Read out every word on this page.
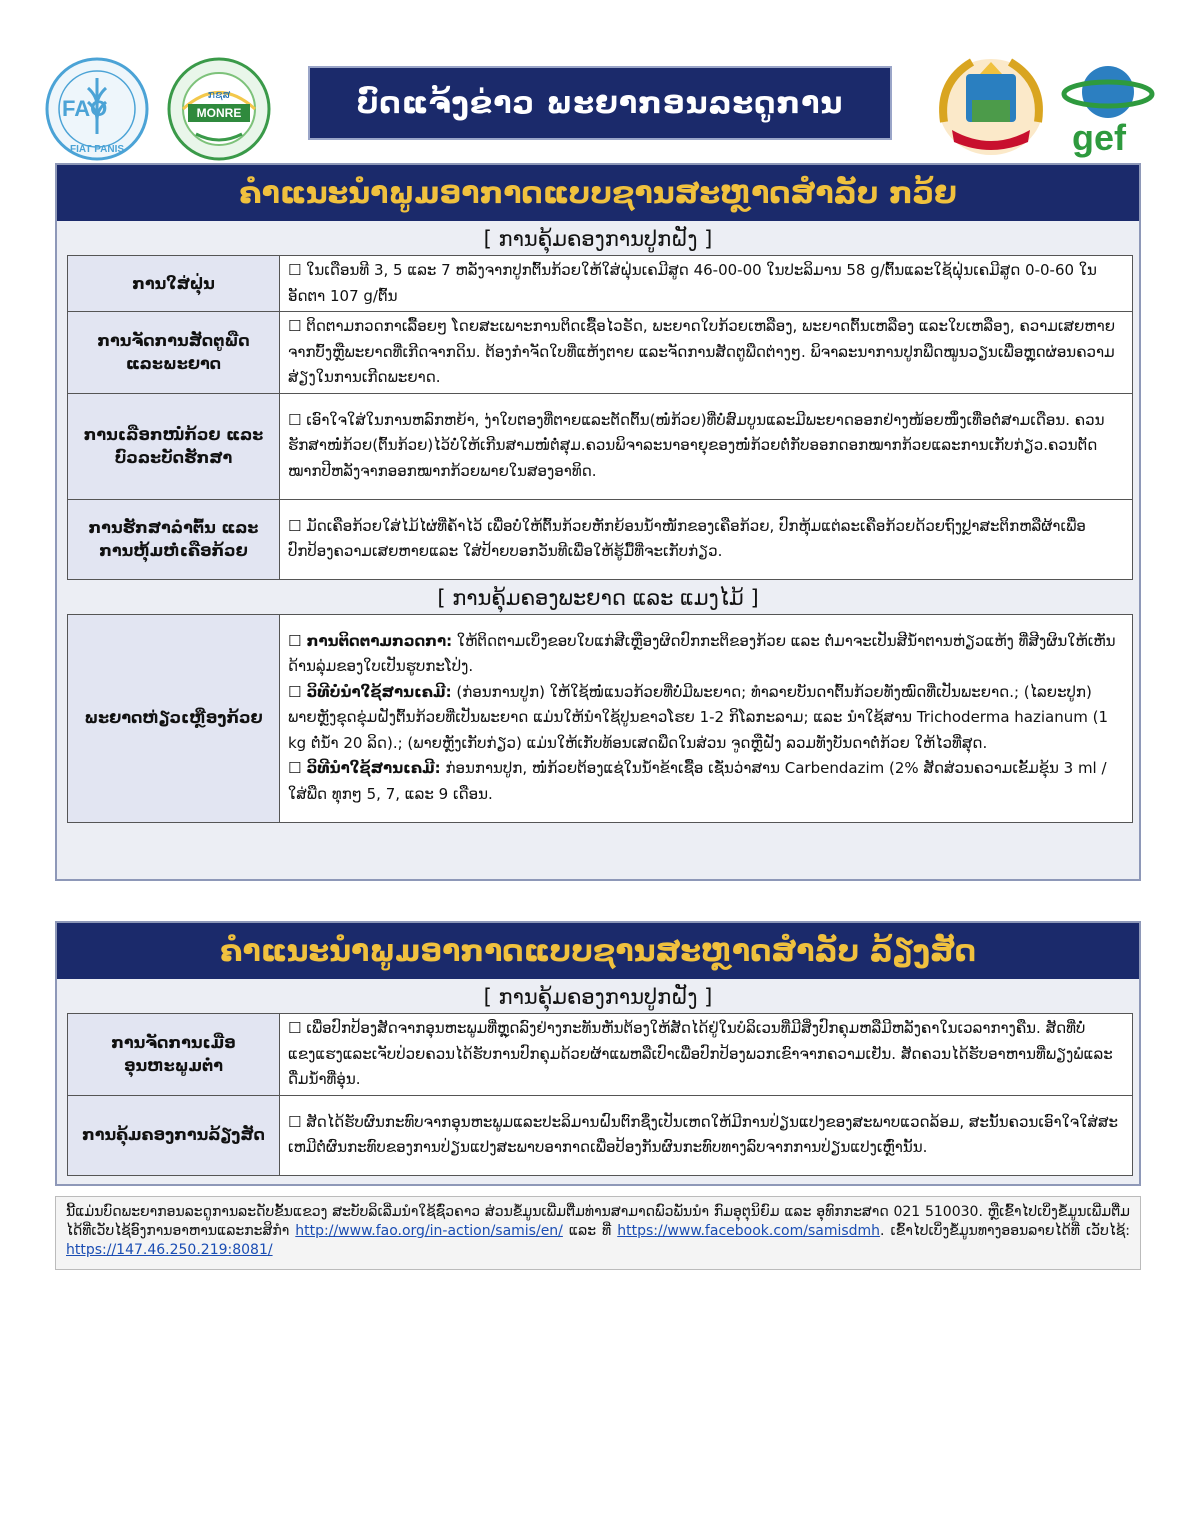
FAO
FIAT PANIS
ກຊສ
MONRE	ບົດແຈ້ງຂ່າວ ພະຍາກອນລະດູການ
gef
ຄຳແນະນຳພູມອາກາດແບບຊານສະຫຼາດສຳລັບ ກວ້ຍ
[ ການຄຸ້ມຄອງການປູກຝັງ ]
ການໃສ່ຝຸ່ນ	☐ ໃນເດືອນທີ 3, 5 ແລະ 7 ຫລັງຈາກປູກຕົ້ນກ້ວຍໃຫ້ໃສ່ຝຸ່ນເຄມີສູດ 46-00-00 ໃນປະລິມານ 58 g/ຕົ້ນແລະໃຊ້ຝຸ່ນເຄມີສູດ 0-0-60 ໃນອັດຕາ 107 g/ຕົ້ນ
ການຈັດການສັດຕູພືດ ແລະພະຍາດ	☐ ຕິດຕາມກວດກາເລື້ອຍໆ ໂດຍສະເພາະການຕິດເຊື້ອໄວຣັດ, ພະຍາດໃບກ້ວຍເຫລືອງ, ພະຍາດຕົ້ນເຫລືອງ ແລະໃບເຫລືອງ, ຄວາມເສຍຫາຍຈາກບົ້ງຫຼືພະຍາດທີ່ເກີດຈາກດິນ. ຕ້ອງກຳຈັດໃບທີ່ແຫ້ງຕາຍ ແລະຈັດການສັດຕູພືດຕ່າງໆ. ພິຈາລະນາການປູກພືດໝູນວຽນເພື່ອຫຼຸດຜ່ອນຄວາມສ່ຽງໃນການເກີດພະຍາດ.
ການເລືອກໜໍ່ກ້ວຍ ແລະບົວລະບັດຮັກສາ	☐ ເອົາໃຈໃສ່ໃນການຫລົກຫຍ້າ, ງ່າໃບຕອງທີ່ຕາຍແລະຕັດຕົ້ນ(ໜໍ່ກ້ວຍ)ທີ່ບໍ່ສົມບູນແລະມີພະຍາດອອກຢ່າງໜ້ອຍໜຶ່ງເທື່ອຕໍ່ສາມເດືອນ. ຄວນຮັກສາໜໍ່ກ້ວຍ(ຕົ້ນກ້ວຍ)ໄວ້ບໍ່ໃຫ້ເກີນສາມໜໍ່ຕໍ່ສຸມ.ຄວນພິຈາລະນາອາຍຸຂອງໜໍ່ກ້ວຍຕໍ່ກັບອອກດອກໝາກກ້ວຍແລະການເກັບກ່ຽວ.ຄວນຕັດໝາກປີຫລັງຈາກອອກໝາກກ້ວຍພາຍໃນສອງອາທິດ.
ການຮັກສາລຳຕົ້ນ ແລະການຫຸ້ມຫໍ່ເຄືອກ້ວຍ	☐ ມັດເຄືອກ້ວຍໃສ່ໄມ້ໄຜ່ທີ່ຄ້ຳໄວ້ ເພື່ອບໍ່ໃຫ້ຕົ້ນກ້ວຍຫັກຍ້ອນນ້ຳໜັກຂອງເຄືອກ້ວຍ, ປົກຫຸ້ມແຕ່ລະເຄືອກ້ວຍດ້ວຍຖົງປຼາສະຕິກຫລືຜ້າເພື່ອປົກປ້ອງຄວາມເສຍຫາຍແລະ ໃສ່ປ້າຍບອກວັນທີເພື່ອໃຫ້ຮູ້ມື້ທີ່ຈະເກັບກ່ຽວ.
[ ການຄຸ້ມຄອງພະຍາດ ແລະ ແມງໄມ້ ]
ພະຍາດຫ່ຽວເຫຼືອງກ້ວຍ	
☐ ການຕິດຕາມກວດກາ: ໃຫ້ຕິດຕາມເບິ່ງຂອບໃບແກ່ສີເຫຼືອງຜິດປົກກະຕິຂອງກ້ວຍ ແລະ ຕໍ່ມາຈະເປັນສີນ້ຳຕານຫ່ຽວແຫ້ງ ທີ່ສີງຜິນໃຫ້ເຫັນດ້ານລຸ່ມຂອງໃບເປັນຮູບກະໂປ່ງ.
☐ ວິທີບໍ່ນຳໃຊ້ສານເຄມີ: (ກ່ອນການປູກ) ໃຫ້ໃຊ້ໜໍ່ແນວກ້ວຍທີ່ບໍ່ມີພະຍາດ; ທຳລາຍບັນດາຕົ້ນກ້ວຍທັງໝົດທີ່ເປັນພະຍາດ.; (ໄລຍະປູກ) ພາຍຫຼັງຂຸດຂຸ່ມຝັງຕົ້ນກ້ວຍທີ່ເປັນພະຍາດ ແມ່ນໃຫ້ນຳໃຊ້ປູນຂາວໂຮຍ 1-2 ກິໂລກະລາມ; ແລະ ນຳໃຊ້ສານ Trichoderma hazianum (1 kg ຕໍ່ນ້ຳ 20 ລິດ).; (ພາຍຫຼັງເກັບກ່ຽວ) ແມ່ນໃຫ້ເກັບທ້ອນເສດພືດໃນສ່ວນ ຈູດຫຼືຝັງ ລວມທັງບັນດາຕໍ່ກ້ວຍ ໃຫ້ໄວທີ່ສຸດ.
☐ ວິທີນຳໃຊ້ສານເຄມີ: ກ່ອນການປູກ, ໜໍ່ກ້ວຍຕ້ອງແຊ່ໃນນ້ຳຂ້າເຊື້ອ ເຊັ່ນວ່າສານ Carbendazim (2% ສັດສ່ວນຄວາມເຂັ້ມຂຸ້ນ 3 ml /ໃສ່ພືດ ທຸກໆ 5, 7, ແລະ 9 ເດືອນ.
ຄຳແນະນຳພູມອາກາດແບບຊານສະຫຼາດສຳລັບ ລ້ຽງສັດ
[ ການຄຸ້ມຄອງການປູກຝັງ ]
ການຈັດການເມື່ອອຸນຫະພູມຕ່ຳ	☐ ເພື່ອປົກປ້ອງສັດຈາກອຸນຫະພູມທີ່ຫຼຸດລົງຢ່າງກະທັນຫັນຕ້ອງໃຫ້ສັດໄດ້ຢູ່ໃນບໍລິເວນທີ່ມີສິ່ງປົກຄຸມຫລືມີຫລັງຄາໃນເວລາກາງຄືນ. ສັດທີ່ບໍ່ແຂງແຮງແລະເຈັບປ່ວຍຄວນໄດ້ຮັບການປົກຄຸມດ້ວຍຜ້າແພຫລືເປົາເພື່ອປົກປ້ອງພວກເຂົາຈາກຄວາມເຢັນ. ສັດຄວນໄດ້ຮັບອາຫານທີ່ພຽງພໍແລະດື່ມນ້ຳທີ່ອຸ່ນ.
ການຄຸ້ມຄອງການລ້ຽງສັດ	☐ ສັດໄດ້ຮັບຜົນກະທົບຈາກອຸນຫະພູມແລະປະລິມານຝົນຕົກຊຶ່ງເປັນເຫດໃຫ້ມີການປ່ຽນແປງຂອງສະພາບແວດລ້ອມ, ສະນັ້ນຄວນເອົາໃຈໃສ່ສະເຫມີຕໍ່ຜົນກະທົບຂອງການປ່ຽນແປງສະພາບອາກາດເພື່ອປ້ອງກັນຜົນກະທົບທາງລົບຈາກການປ່ຽນແປງເຫຼົ່ານັ້ນ.
ນີ້ແມ່ນບົດພະຍາກອນລະດູການລະດັບຂັ້ນແຂວງ ສະບັບລິເລີ່ມນຳໃຊ້ຊົ່ວຄາວ ສ່ວນຂໍ້ມູນເພີ່ມຕື່ມທ່ານສາມາດພົວພັນນຳ ກົມອຸຕຸນິຍົມ ແລະ ອຸທົກກະສາດ 021 510030. ຫຼືເຂົ້າໄປເບິ່ງຂໍ້ມູນເພີ່ມຕື່ມໄດ້ທີ່ເວັບໄຊ້ອົງການອາຫານແລະກະສິກຳ http://www.fao.org/in-action/samis/en/ ແລະ ທີ່ https://www.facebook.com/samisdmh. ເຂົ້າໄປເບິ່ງຂໍ້ມູນທາງອອນລາຍໄດ້ທີ່ ເວັບໄຊ້: https://147.46.250.219:8081/
